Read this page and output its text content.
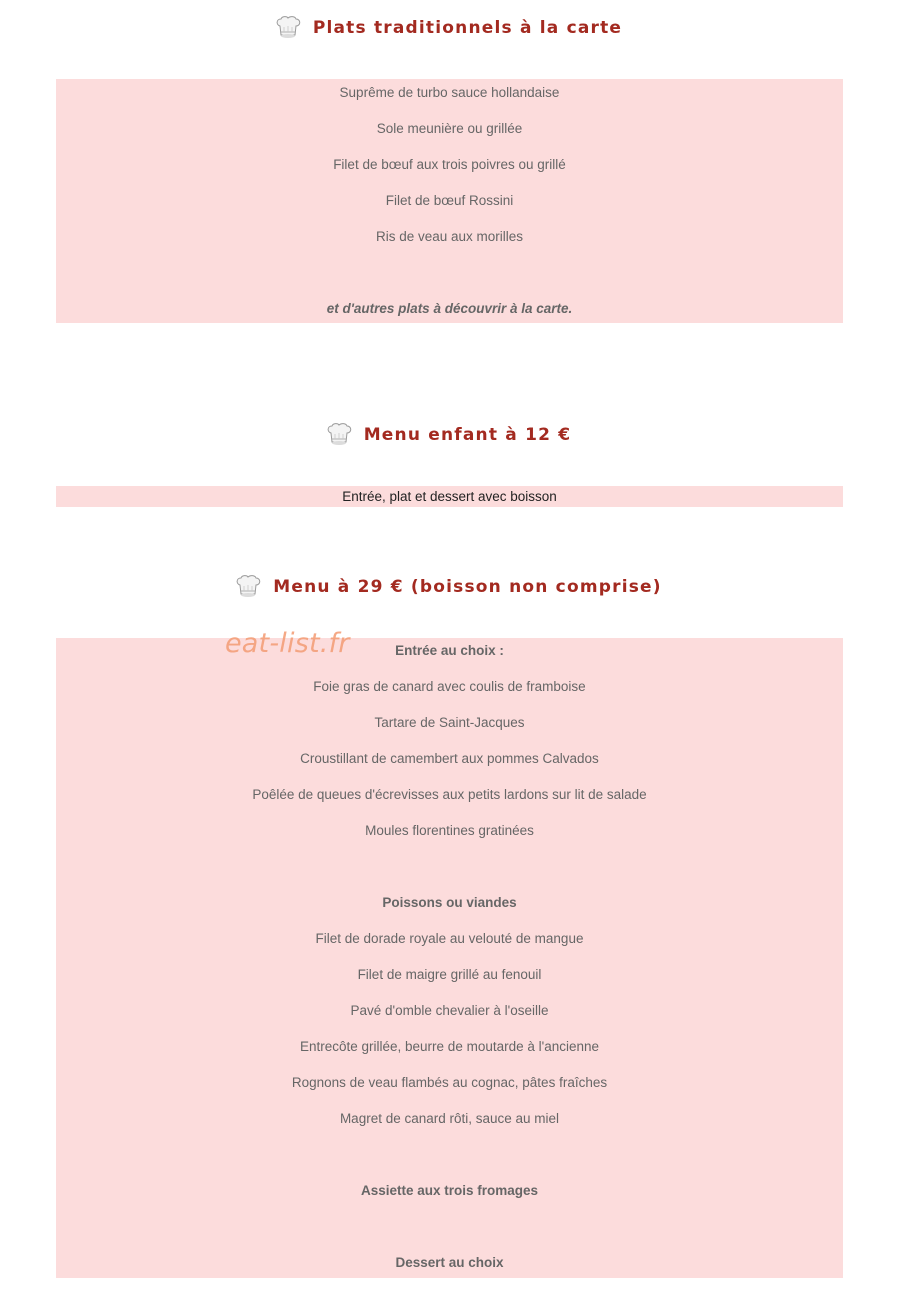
Plats traditionnels à la carte
Suprême de turbo sauce hollandaise
Sole meunière ou grillée
Filet de bœuf aux trois poivres ou grillé
Filet de bœuf Rossini
Ris de veau aux morilles
et d'autres plats à découvrir à la carte.
Menu enfant à 12 €
Entrée, plat et dessert avec boisson
Menu à 29 € (boisson non comprise)
Entrée au choix :
Foie gras de canard avec coulis de framboise
Tartare de Saint-Jacques
Croustillant de camembert aux pommes Calvados
Poêlée de queues d'écrevisses aux petits lardons sur lit de salade
Moules florentines gratinées
Poissons ou viandes
Filet de dorade royale au velouté de mangue
Filet de maigre grillé au fenouil
Pavé d'omble chevalier à l'oseille
Entrecôte grillée, beurre de moutarde à l'ancienne
Rognons de veau flambés au cognac, pâtes fraîches
Magret de canard rôti, sauce au miel
Assiette aux trois fromages
Dessert au choix
eat-list.fr
